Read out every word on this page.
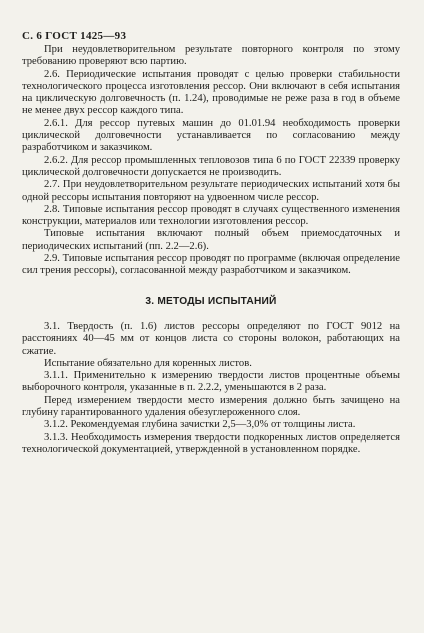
С. 6 ГОСТ 1425—93

При неудовлетворительном результате повторного контроля по этому требованию проверяют всю партию.

2.6. Периодические испытания проводят с целью проверки стабильности технологического процесса изготовления рессор. Они включают в себя испытания на циклическую долговечность (п. 1.24), проводимые не реже раза в год в объеме не менее двух рессор каждого типа.

2.6.1. Для рессор путевых машин до 01.01.94 необходимость проверки циклической долговечности устанавливается по согласованию между разработчиком и заказчиком.

2.6.2. Для рессор промышленных тепловозов типа 6 по ГОСТ 22339 проверку циклической долговечности допускается не производить.

2.7. При неудовлетворительном результате периодических испытаний хотя бы одной рессоры испытания повторяют на удвоенном числе рессор.

2.8. Типовые испытания рессор проводят в случаях существенного изменения конструкции, материалов или технологии изготовления рессор.

Типовые испытания включают полный объем приемосдаточных и периодических испытаний (пп. 2.2—2.6).

2.9. Типовые испытания рессор проводят по программе (включая определение сил трения рессоры), согласованной между разработчиком и заказчиком.

3. МЕТОДЫ ИСПЫТАНИЙ

3.1. Твердость (п. 1.6) листов рессоры определяют по ГОСТ 9012 на расстояниях 40—45 мм от концов листа со стороны волокон, работающих на сжатие.

Испытание обязательно для коренных листов.

3.1.1. Применительно к измерению твердости листов процентные объемы выборочного контроля, указанные в п. 2.2.2, уменьшаются в 2 раза.

Перед измерением твердости место измерения должно быть зачищено на глубину гарантированного удаления обезуглероженного слоя.

3.1.2. Рекомендуемая глубина зачистки 2,5—3,0% от толщины листа.

3.1.3. Необходимость измерения твердости подкоренных листов определяется технологической документацией, утвержденной в установленном порядке.
